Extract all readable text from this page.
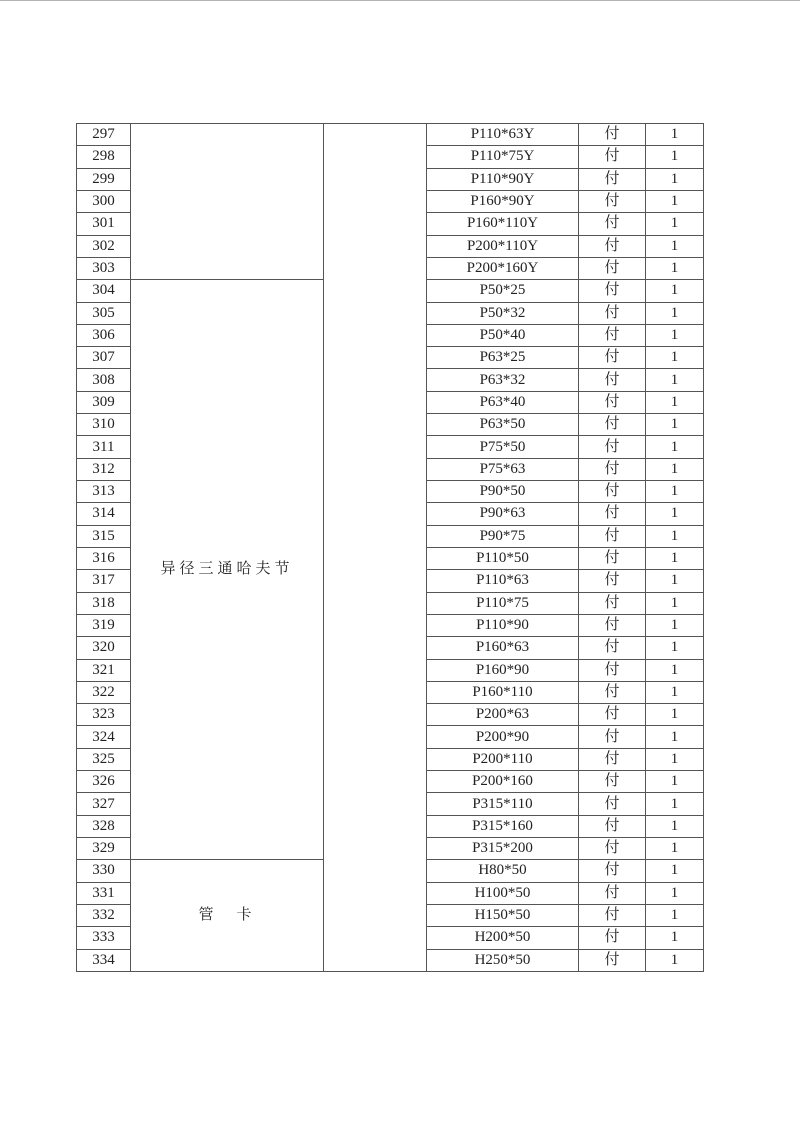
297			P110*63Y	付	1
298			P110*75Y	付	1
299			P110*90Y	付	1
300			P160*90Y	付	1
301			P160*110Y	付	1
302			P200*110Y	付	1
303			P200*160Y	付	1
304	异径三通哈夫节		P50*25	付	1
305			P50*32	付	1
306			P50*40	付	1
307			P63*25	付	1
308			P63*32	付	1
309			P63*40	付	1
310			P63*50	付	1
311			P75*50	付	1
312			P75*63	付	1
313			P90*50	付	1
314			P90*63	付	1
315			P90*75	付	1
316			P110*50	付	1
317			P110*63	付	1
318			P110*75	付	1
319			P110*90	付	1
320			P160*63	付	1
321			P160*90	付	1
322			P160*110	付	1
323			P200*63	付	1
324			P200*90	付	1
325			P200*110	付	1
326			P200*160	付	1
327			P315*110	付	1
328			P315*160	付	1
329			P315*200	付	1
330	管　卡		H80*50	付	1
331			H100*50	付	1
332			H150*50	付	1
333			H200*50	付	1
334			H250*50	付	1
